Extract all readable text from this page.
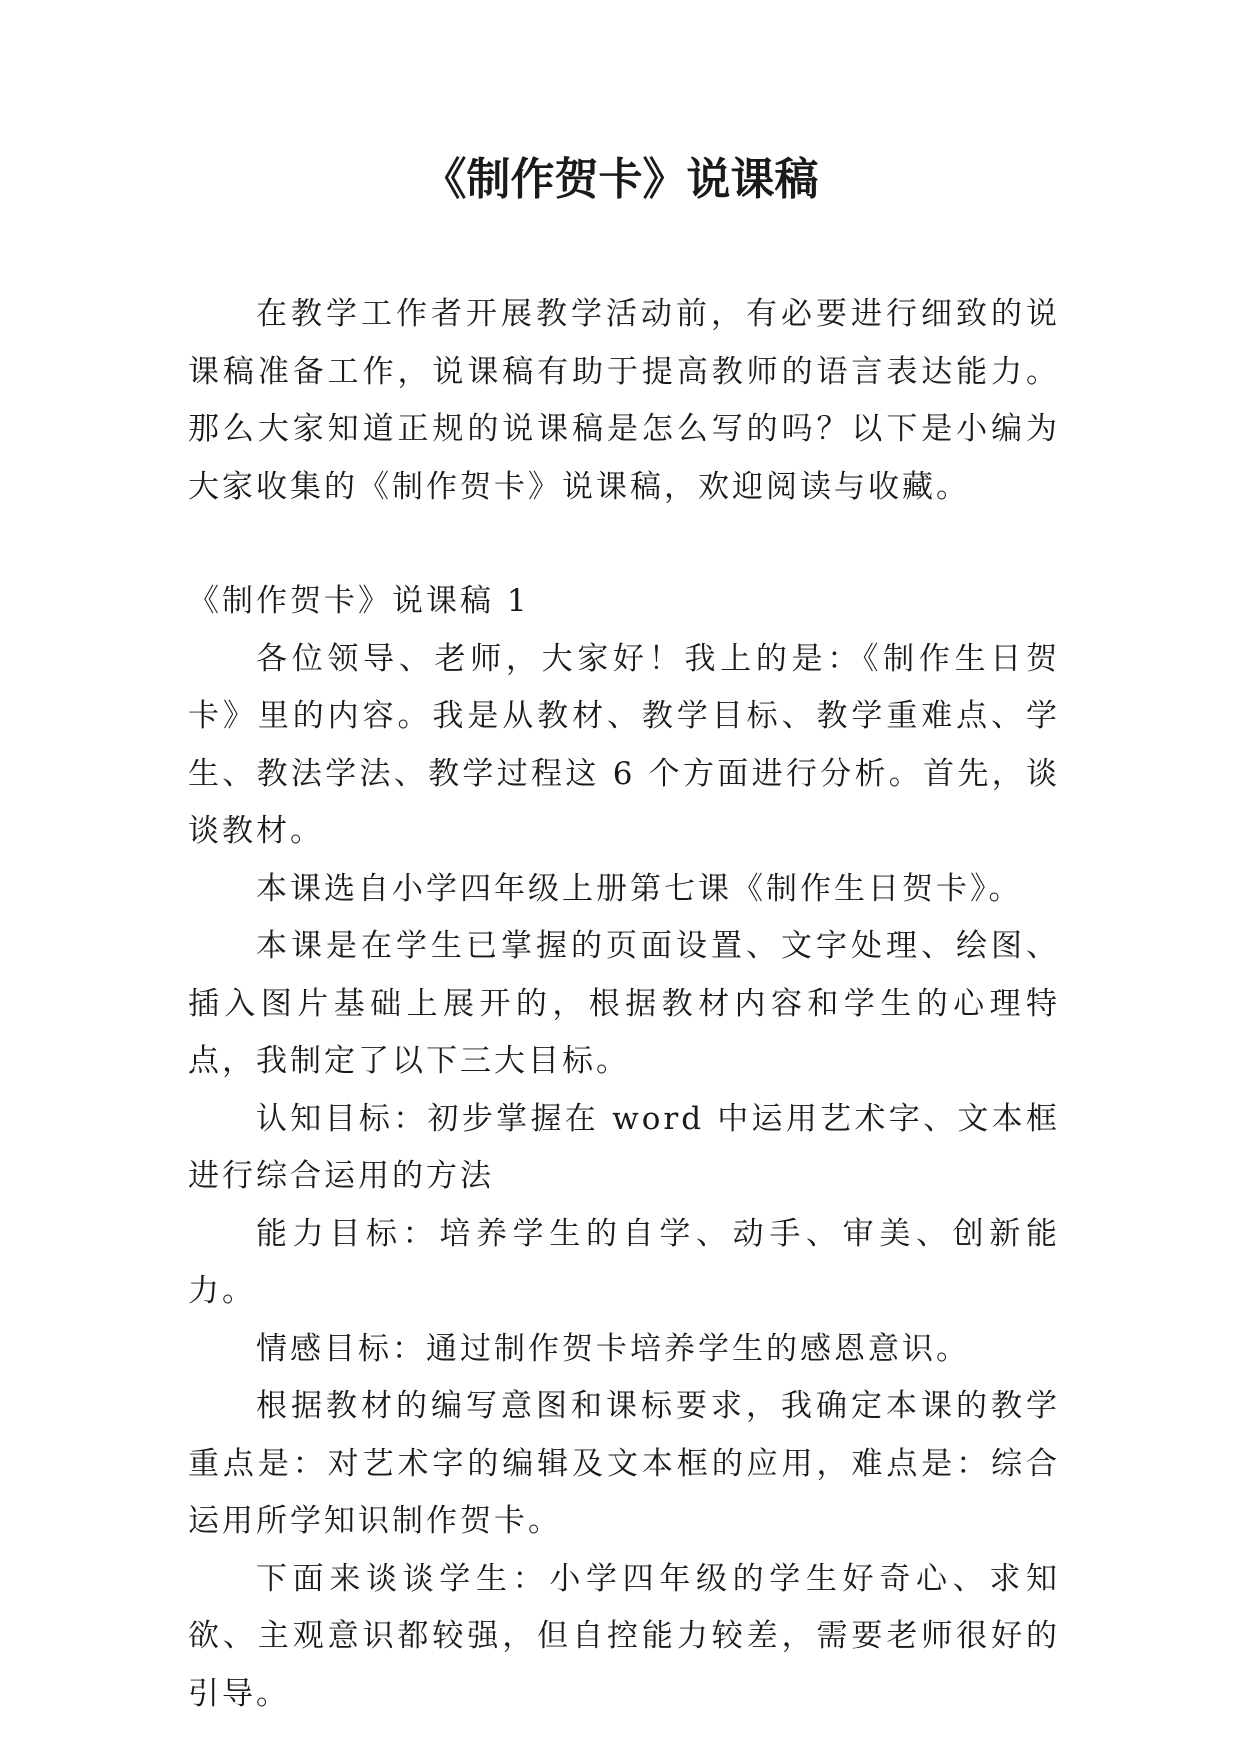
《制作贺卡》说课稿

在教学工作者开展教学活动前，有必要进行细致的说课稿准备工作，说课稿有助于提高教师的语言表达能力。那么大家知道正规的说课稿是怎么写的吗？以下是小编为大家收集的《制作贺卡》说课稿，欢迎阅读与收藏。

《制作贺卡》说课稿 1

各位领导、老师，大家好！我上的是：《制作生日贺卡》里的内容。我是从教材、教学目标、教学重难点、学生、教法学法、教学过程这 6 个方面进行分析。首先，谈谈教材。

本课选自小学四年级上册第七课《制作生日贺卡》。

本课是在学生已掌握的页面设置、文字处理、绘图、插入图片基础上展开的，根据教材内容和学生的心理特点，我制定了以下三大目标。

认知目标：初步掌握在 word 中运用艺术字、文本框进行综合运用的方法

能力目标：培养学生的自学、动手、审美、创新能力。

情感目标：通过制作贺卡培养学生的感恩意识。

根据教材的编写意图和课标要求，我确定本课的教学重点是：对艺术字的编辑及文本框的应用，难点是：综合运用所学知识制作贺卡。

下面来谈谈学生：小学四年级的学生好奇心、求知欲、主观意识都较强，但自控能力较差，需要老师很好的引导。
